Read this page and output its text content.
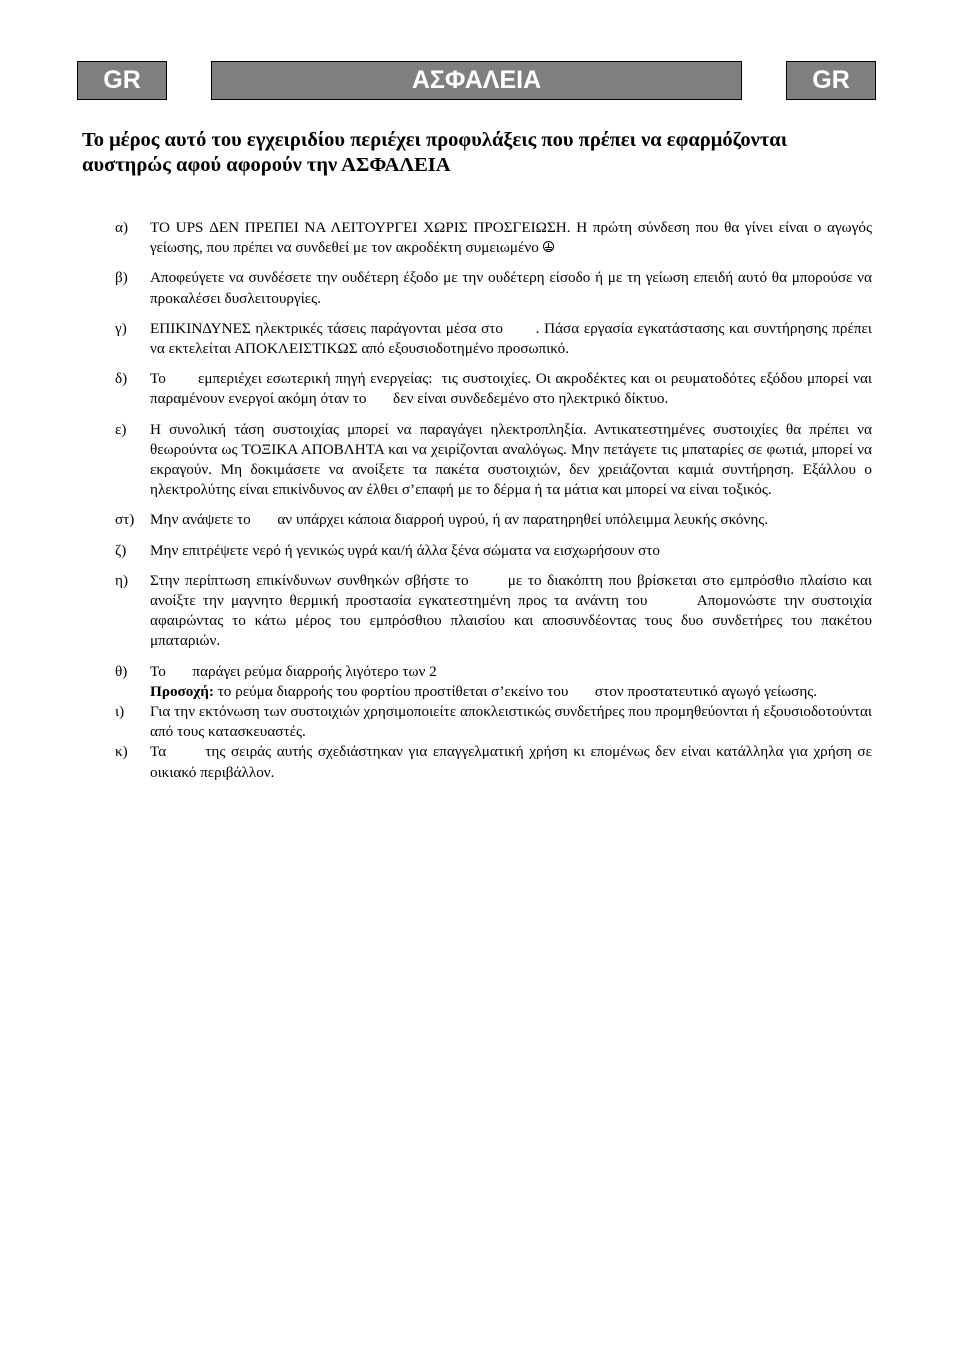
GR	ΑΣΦΑΛΕΙΑ	GR

Το μέρος αυτό του εγχειριδίου περιέχει προφυλάξεις που πρέπει να εφαρμόζονται αυστηρώς αφού αφορούν την ΑΣΦΑΛΕΙΑ

α)	ΤΟ UPS ΔΕΝ ΠΡΕΠΕΙ ΝΑ ΛΕΙΤΟΥΡΓΕΙ ΧΩΡΙΣ ΠΡΟΣΓΕΙΩΣΗ. Η πρώτη σύνδεση που θα γίνει είναι ο αγωγός γείωσης, που πρέπει να συνδεθεί με τον ακροδέκτη συμειωμένο
β)	Αποφεύγετε να συνδέσετε την ουδέτερη έξοδο με την ουδέτερη είσοδο ή με τη γείωση επειδή αυτό θα μπορούσε να προκαλέσει δυσλειτουργίες.
γ)	ΕΠΙΚΙΝΔΥΝΕΣ ηλεκτρικές τάσεις παράγονται μέσα στο       . Πάσα εργασία εγκατάστασης και συντήρησης πρέπει να εκτελείται ΑΠΟΚΛΕΙΣΤΙΚΩΣ από εξουσιοδοτημένο προσωπικό.
δ)	Το       εμπεριέχει εσωτερική πηγή ενεργείας:  τις συστοιχίες. Οι ακροδέκτες και οι ρευματοδότες εξόδου μπορεί ναι παραμένουν ενεργοί ακόμη όταν το       δεν είναι συνδεδεμένο στο ηλεκτρικό δίκτυο.
ε)	Η συνολική τάση συστοιχίας μπορεί να παραγάγει ηλεκτροπληξία. Αντικατεστημένες συστοιχίες θα πρέπει να θεωρούντα ως ΤΟΞΙΚΑ ΑΠΟΒΛΗΤΑ και να χειρίζονται αναλόγως. Μην πετάγετε τις μπαταρίες σε φωτιά, μπορεί να εκραγούν. Μη δοκιμάσετε να ανοίξετε τα πακέτα συστοιχιών, δεν χρειάζονται καμιά συντήρηση. Εξάλλου ο ηλεκτρολύτης είναι επικίνδυνος αν έλθει σ’επαφή με το δέρμα ή τα μάτια και μπορεί να είναι τοξικός.
στ)	Μην ανάψετε το       αν υπάρχει κάποια διαρροή υγρού, ή αν παρατηρηθεί υπόλειμμα λευκής σκόνης.
ζ)	Μην επιτρέψετε νερό ή γενικώς υγρά και/ή άλλα ξένα σώματα να εισχωρήσουν στο
η)	Στην περίπτωση επικίνδυνων συνθηκών σβήστε το       με το διακόπτη που βρίσκεται στο εμπρόσθιο πλαίσιο και ανοίξτε την μαγνητο θερμική προστασία εγκατεστημένη προς τα ανάντη του       Απομονώστε την συστοιχία αφαιρώντας το κάτω μέρος του εμπρόσθιου πλαισίου και αποσυνδέοντας τους δυο συνδετήρες του πακέτου μπαταριών.
θ)	Το       παράγει ρεύμα διαρροής λιγότερο των 2
Προσοχή: το ρεύμα διαρροής του φορτίου προστίθεται σ’εκείνο του       στον προστατευτικό αγωγό γείωσης.
ι)	Για την εκτόνωση των συστοιχιών χρησιμοποιείτε αποκλειστικώς συνδετήρες που προμηθεύονται ή εξουσιοδοτούνται από τους κατασκευαστές.
κ)	Τα       της σειράς αυτής σχεδιάστηκαν για επαγγελματική χρήση κι επομένως δεν είναι κατάλληλα για χρήση σε οικιακό περιβάλλον.
